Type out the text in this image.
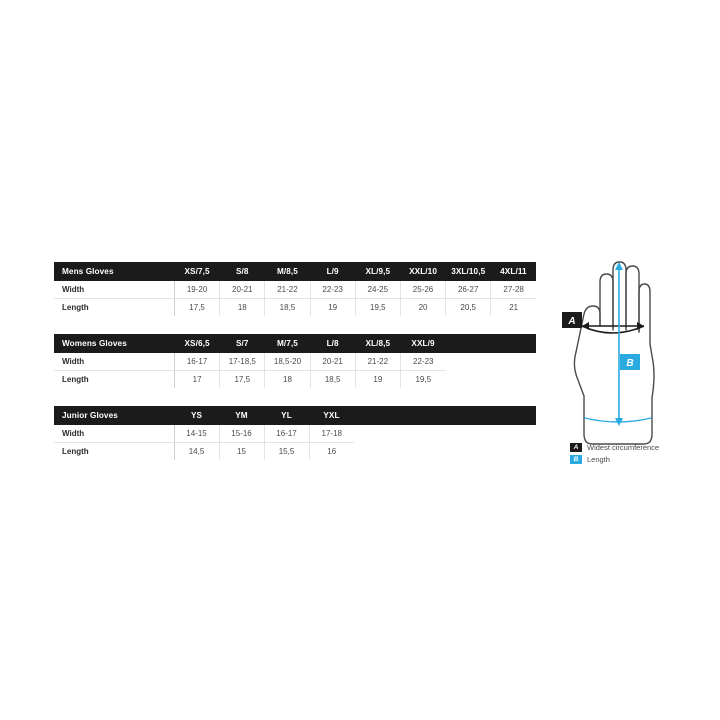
Mens Gloves	XS/7,5	S/8	M/8,5	L/9	XL/9,5	XXL/10	3XL/10,5	4XL/11
Width	19-20	20-21	21-22	22-23	24-25	25-26	26-27	27-28
Length	17,5	18	18,5	19	19,5	20	20,5	21
Womens Gloves	XS/6,5	S/7	M/7,5	L/8	XL/8,5	XXL/9	
Width	16-17	17-18,5	18,5-20	20-21	21-22	22-23	
Length	17	17,5	18	18,5	19	19,5	
Junior Gloves	YS	YM	YL	YXL	
Width	14-15	15-16	16-17	17-18	
Length	14,5	15	15,5	16	
A
B
A	Widest circumference
B	Length
